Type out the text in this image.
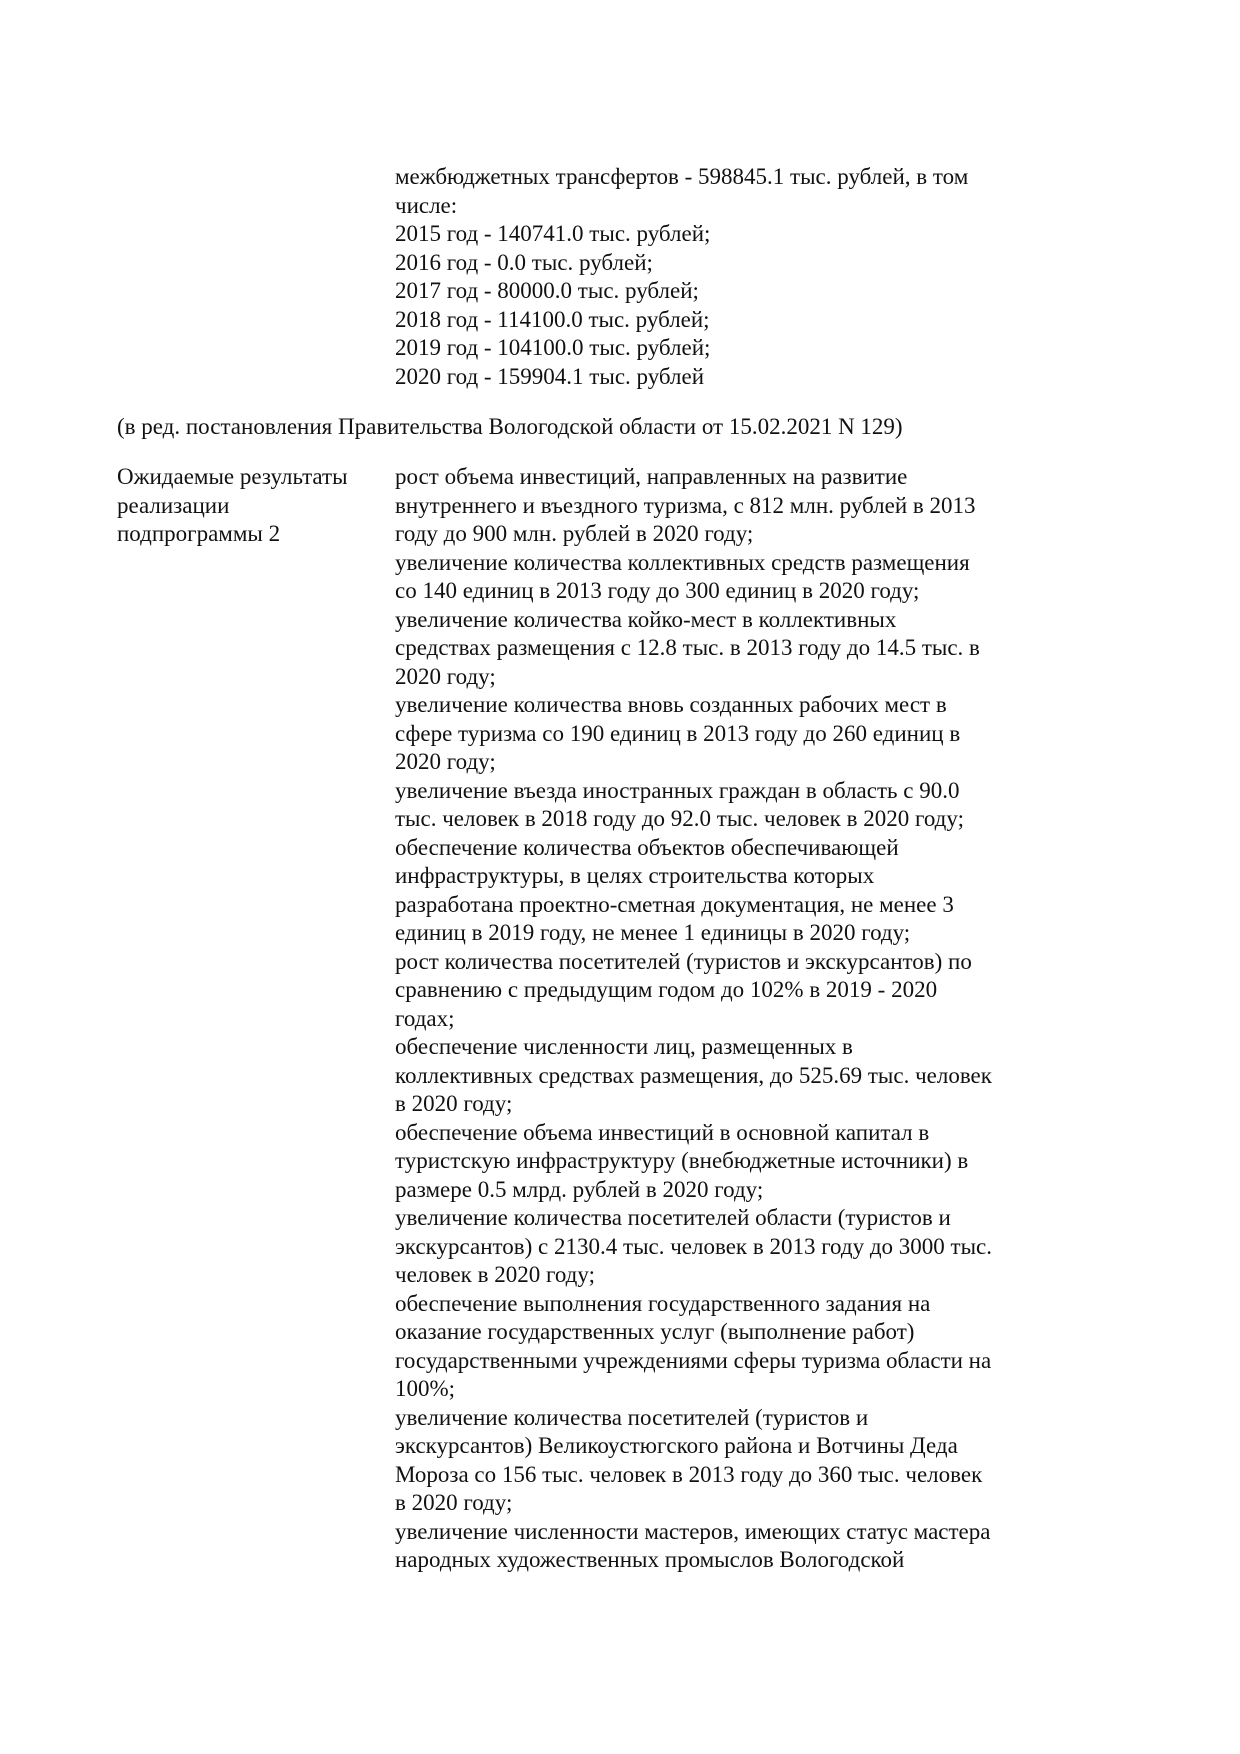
межбюджетных трансфертов - 598845.1 тыс. рублей, в том
числе:
2015 год - 140741.0 тыс. рублей;
2016 год - 0.0 тыс. рублей;
2017 год - 80000.0 тыс. рублей;
2018 год - 114100.0 тыс. рублей;
2019 год - 104100.0 тыс. рублей;
2020 год - 159904.1 тыс. рублей
(в ред. постановления Правительства Вологодской области от 15.02.2021 N 129)
Ожидаемые результаты
реализации
подпрограммы 2
рост объема инвестиций, направленных на развитие
внутреннего и въездного туризма, с 812 млн. рублей в 2013
году до 900 млн. рублей в 2020 году;
увеличение количества коллективных средств размещения
со 140 единиц в 2013 году до 300 единиц в 2020 году;
увеличение количества койко-мест в коллективных
средствах размещения с 12.8 тыс. в 2013 году до 14.5 тыс. в
2020 году;
увеличение количества вновь созданных рабочих мест в
сфере туризма со 190 единиц в 2013 году до 260 единиц в
2020 году;
увеличение въезда иностранных граждан в область с 90.0
тыс. человек в 2018 году до 92.0 тыс. человек в 2020 году;
обеспечение количества объектов обеспечивающей
инфраструктуры, в целях строительства которых
разработана проектно-сметная документация, не менее 3
единиц в 2019 году, не менее 1 единицы в 2020 году;
рост количества посетителей (туристов и экскурсантов) по
сравнению с предыдущим годом до 102% в 2019 - 2020
годах;
обеспечение численности лиц, размещенных в
коллективных средствах размещения, до 525.69 тыс. человек
в 2020 году;
обеспечение объема инвестиций в основной капитал в
туристскую инфраструктуру (внебюджетные источники) в
размере 0.5 млрд. рублей в 2020 году;
увеличение количества посетителей области (туристов и
экскурсантов) с 2130.4 тыс. человек в 2013 году до 3000 тыс.
человек в 2020 году;
обеспечение выполнения государственного задания на
оказание государственных услуг (выполнение работ)
государственными учреждениями сферы туризма области на
100%;
увеличение количества посетителей (туристов и
экскурсантов) Великоустюгского района и Вотчины Деда
Мороза со 156 тыс. человек в 2013 году до 360 тыс. человек
в 2020 году;
увеличение численности мастеров, имеющих статус мастера
народных художественных промыслов Вологодской
